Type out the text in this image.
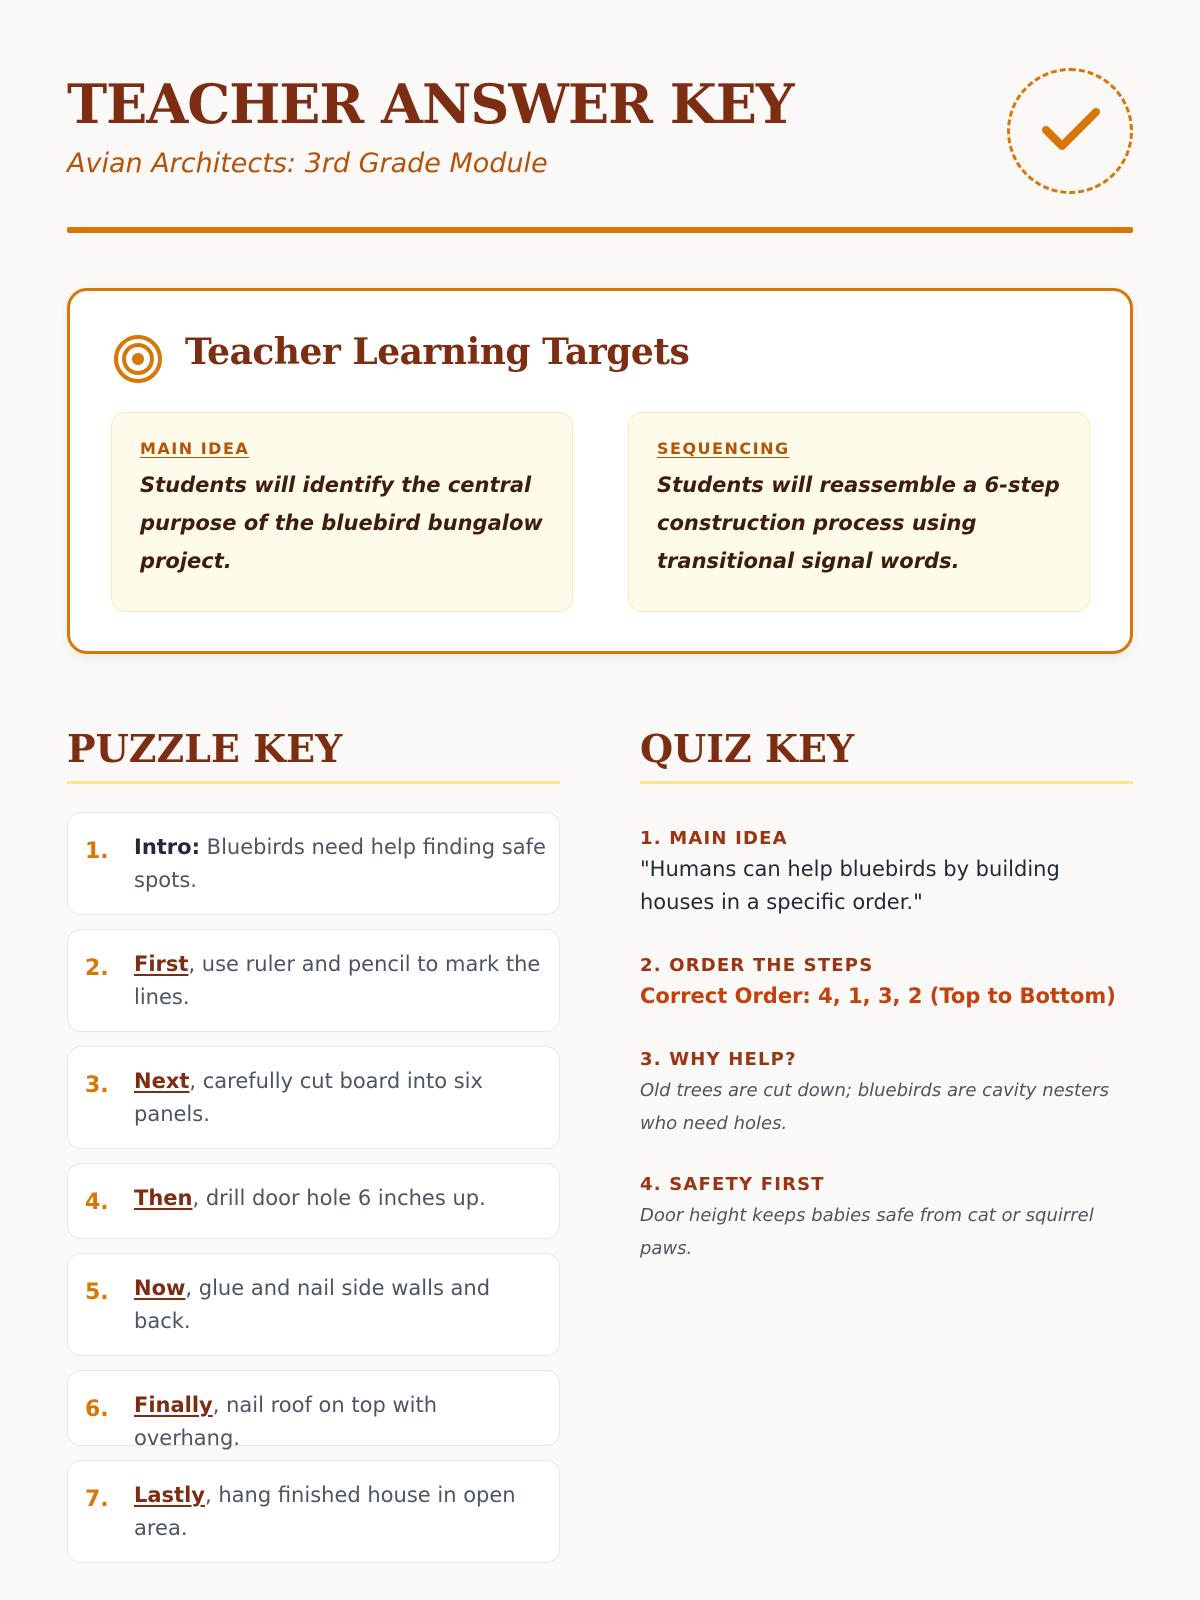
TEACHER ANSWER KEY
Avian Architects: 3rd Grade Module
Teacher Learning Targets
MAIN IDEA
Students will identify the central purpose of the bluebird bungalow project.
SEQUENCING
Students will reassemble a 6-step construction process using transitional signal words.
PUZZLE KEY	QUIZ KEY
1. Intro: Bluebirds need help finding safe spots.
2. First, use ruler and pencil to mark the lines.
3. Next, carefully cut board into six panels.
4. Then, drill door hole 6 inches up.
5. Now, glue and nail side walls and back.
6. Finally, nail roof on top with overhang.
7. Lastly, hang finished house in open area.
1. MAIN IDEA
"Humans can help bluebirds by building houses in a specific order."
2. ORDER THE STEPS
Correct Order: 4, 1, 3, 2 (Top to Bottom)
3. WHY HELP?
Old trees are cut down; bluebirds are cavity nesters who need holes.
4. SAFETY FIRST
Door height keeps babies safe from cat or squirrel paws.
